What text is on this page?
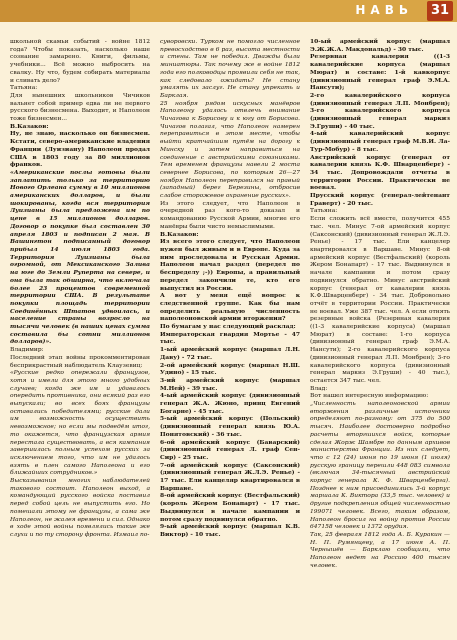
НАВЬ	31

школьной скамьи событий - войне 1812 года? Чтобы показать, насколько наше сознание замарено. Книги, фильмы, учебники... Всё можно выбросить на свалку. Ну что, будем собирать материалы и сливать дело?

Татьяна:

Для нынешних школьников Чичиков вальнет собой пример едва ли не первого русского бизнесмена. Выходит, и Наполеон тоже бизнесмен...

В.Казаков:

Ну, не знаю, насколько он бизнесмен. Кстати, северо-американские владения Франции (Луизиану) Наполеон продал США в 1803 году за 80 миллионов франков.

«Американские послы готовы были заплатить только за территорию Нового Орлеана сумму в 10 миллионов американских долларов, и были шокированы, когда вся территория Луизианы была предложена им по цене в 15 миллионов долларов. Договор о покупке был составлен 30 апреля 1803 и подписан 2 мая. В Вашингтон подписанный договор прибыл 14 июля 1803 года. Территория Луизианы была огромной, от Мексиканского Залива на юге до Земли Руперта на севере, и она была так обширна, что включала более 23 процентов современной территории США. В результате покупки площадь территории Соединённых Штатов удвоилась, и население страны возросло на тысячи человек (в наших ценах сумма составила бы сотни миллионов долларов)».

Владимир:

Последний этап войны прокомментирован бесприкрастный наблюдатель Клаузевиц:

«Русские редко опережали французов, хотя и имели для этого много удобных случаев; когда же им и удавалось опередить противника, они всякий раз его выпускали; во всех боях французы оставались победителями; русские дали им возможность осуществить невозможное; но если мы подведём итог, то окажется, что французская армия перестала существовать, а вся кампания завершилась полным успехом русских за исключением того, что им не удалось взять в плен самого Наполеона и его ближайших сотрудников.»

Высказывания многих наблюдателей такового состоит. Наполеон выход, а командующий русского войска поставил перед собой цель не выпустить его. Но помешали этому не французы, а сама же Наполеон, не жалея времени и сил. Однако в ходе этой войны появлялись такие же слухи и по ту сторону фронта. Измаил по-

суворовски. Турком не помогло численное превосходство в 6 раз, высота местности и стены. Там не победил. Дважды были миниатюры. Так почему же в войне 1812 года его полководцы проявили себя не так, как следовало ожидать? Не стану умалять их заслуг. Не стану упрекать и Барклая.

25 ноября рядом искусных манёвров Наполеону удалось отвлечь внимание Чичагова к Борисову и к югу от Борисова. Чичагов полагал, что Наполеон намерен переправиться в этом месте, чтобы выйти кратчайшим путём на дорогу к Минску и затем направиться на соединение с австрийскими союзниками. Тем временем французы навели 2 моста севернее Борисова, по которым 26—27 ноября Наполеон переправился на правый (западный) берег Березины, отбросив слабое сторожевое охранение русских».

Из этого следует, что Наполеон в очередной раз кого-то доказал и командованию Русской Армии, многие его манёвры были чисто немыслимыми.

В.Казаков:

Из всего этого следует, что Наполеон нужен был живым и в Европе. Куда за ним проследовала и Русская Армия. Наполеон начал раздел (передел по беспределу ;-)) Европы, а правильный передел закончили те, кто его выпустил из России.

А вот у меня ещё вопрос к следственной группе. Как бы нам определить реальную численность наполеоновской армии вторжения?

По бумагам у нас следующий расклад:

Императорская гвардия Мортье - 47 тыс.

1-ый армейский корпус (маршал Л.Н. Даву) - 72 тыс.

2-ой армейский корпус (маршал Н.Ш. Удино) - 15 тыс.

3-ий армейский корпус (маршал М.Ней) - 39 тыс.

4-ый армейский корпус (дивизионный генерал Ж.А. Жюно, принц Евгений Богарне) - 45 тыс.

5-ый армейский корпус (Польский) (дивизионный генерал князь Ю.А. Понятовский) - 36 тыс.

6-ой армейский корпус (Баварский) (дивизионный генерал Л. граф Сен-Сир) - 25 тыс.

7-ой армейский корпус (Саксонский) (дивизионный генерал Ж.Л.Э. Ренье) - 17 тыс. Ели канцеляр квартировался в Варшаве.

8-ой армейский корпус (Вестфальский) (король Жером Бонапарт) - 17 тыс. Выдвинулся в начале кампании и потом сразу подвинулся обратно.

9-ый армейский корпус (маршал К.В. Виктор) - 10 тыс.

10-ый армейский корпус (маршал Э.Ж.Ж.А. Макдональд) - 30 тыс.

Резервная кавалерия ((1-3 кавалерийские корпуса (маршал Мюрат) в составе: 1-й кавкорпус (дивизионный генерал граф Э.М.А. Нансути);

2-го кавалерийского корпуса (дивизионный генерал Л.П. Монбрен); 3-го кавалерийского корпуса (дивизионный генерал маркиз Э.Груши) - 40 тыс.

4-ый кавалерийский корпус (дивизионный генерал граф М.В.И. Ла-Тур-Мобур) - 8 тыс.

Австрийский корпус (генерал от кавалерии князь К.Ф. Шварценберг) - 34 тыс. Допровождали отчеты в территории России. Практически не воевал.

Прусский корпус (генерал-лейтенант Граверт) - 20 тыс.

Татьяна:

Если сложить всё вместе, получится 455 тыс. чел. Минус 7-ой армейский корпус (Саксонский) (дивизионный генерал Ж.Л.Э. Ренье) - 17 тыс. Ели канцелер квартировался в Варшаве. Минус 8-ой армейский корпус (Вестфальский) (король Жером Бонапарт) - 17 тыс. Выдвинулся в начале кампании и потом сразу подвинулся обратно. Минус австрийский корпус (генерал от кавалерии князь К.Ф.Шварценберг) - 34 тыс. Добровольно отчёт в территории России. Практически не воевал. Уже 387 тыс. чел. А если отнять резервные войска (Резервная кавалерия ((1-3 кавалерийские корпуса) (маршал Мюрат) в составе: 1-го корпуса (дивизионный генерал граф Э.М.А. Нансути); 2-го кавалерийского корпуса (дивизионный генерал Л.П. Монбрен); 3-го кавалерийского корпуса (дивизионный генерал маркиз Э.Груши) - 40 тыс.), остается 347 тыс. чел.

Влад:

Вот нашел интересную информацию:

„Численность наполеоновской армии вторжения различные источники определяют по-разному: от 375 до 500 тысяч. Наиболее достоверно подробно расчеты вторгшихся войск, которые сделал Жорж Шамбре по данным архивов министерства Франции. Из них следует, что с 12 (24) июня по 19 июня (1 июля) русскую границу перешли 448 083 символа (включая 34-тысячный австрийский корпус генерала К. Ф. Шварценберга). Позднее к ним присоединились 3-й корпус маршала К. Виктора (33,5 тыс. человек) и другие подкрепления общей численностью 199071 человек. Всего, таким образом, Наполеон бросил на войну против России 647158 человек и 1372 орудия.

Так, 25 февраля 1812 года А. Б. Куракин — Н. П. Румянцеву, а 17 июня А. П. Чернышёв — Барклаю сообщили, что Наполеон ведет на Россию 400 тысяч человек.
